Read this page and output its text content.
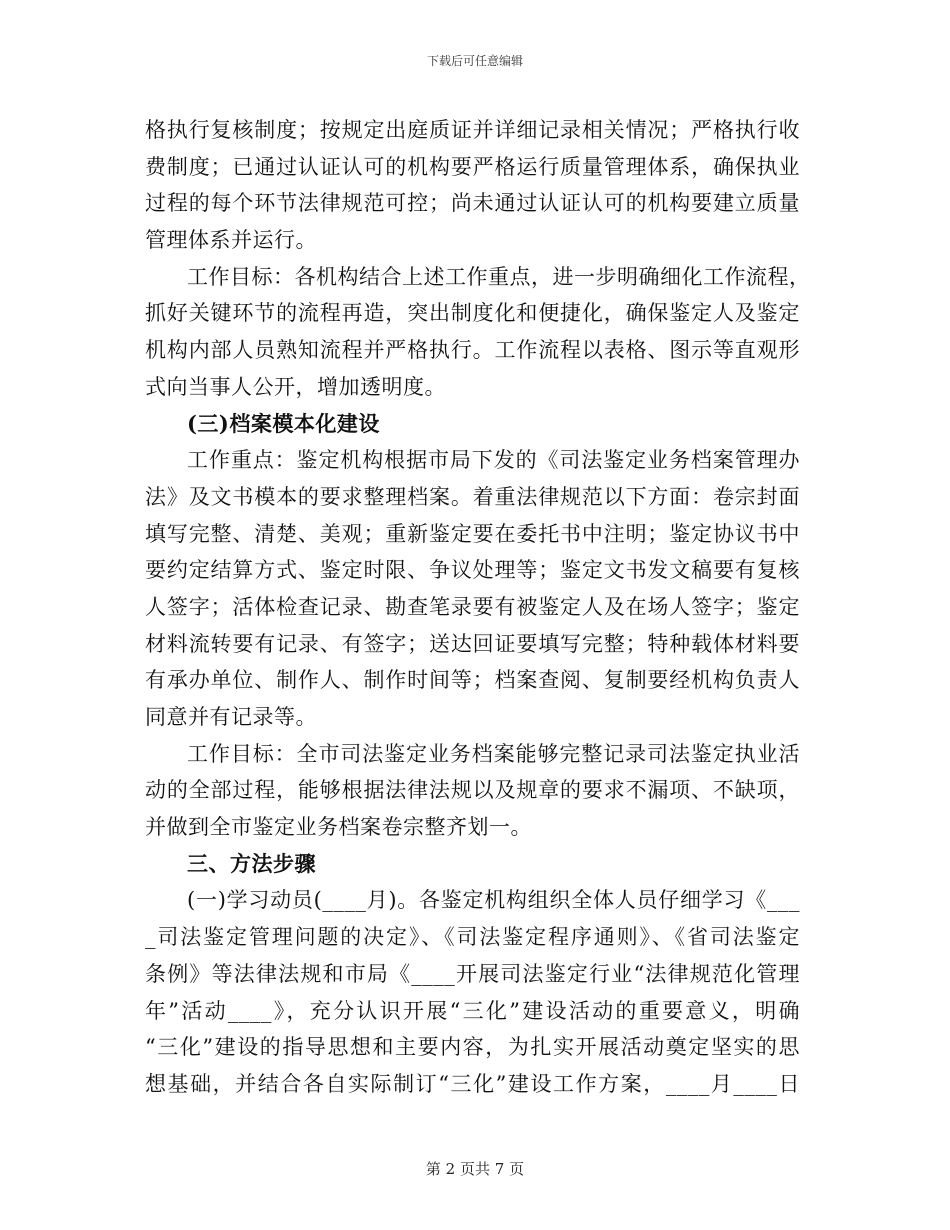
下载后可任意编辑
格执行复核制度；按规定出庭质证并详细记录相关情况；严格执行收
费制度；已通过认证认可的机构要严格运行质量管理体系，确保执业
过程的每个环节法律规范可控；尚未通过认证认可的机构要建立质量
管理体系并运行。
工作目标：各机构结合上述工作重点，进一步明确细化工作流程，
抓好关键环节的流程再造，突出制度化和便捷化，确保鉴定人及鉴定
机构内部人员熟知流程并严格执行。工作流程以表格、图示等直观形
式向当事人公开，增加透明度。
(三)档案模本化建设
工作重点：鉴定机构根据市局下发的《司法鉴定业务档案管理办
法》及文书模本的要求整理档案。着重法律规范以下方面：卷宗封面
填写完整、清楚、美观；重新鉴定要在委托书中注明；鉴定协议书中
要约定结算方式、鉴定时限、争议处理等；鉴定文书发文稿要有复核
人签字；活体检查记录、勘查笔录要有被鉴定人及在场人签字；鉴定
材料流转要有记录、有签字；送达回证要填写完整；特种载体材料要
有承办单位、制作人、制作时间等；档案查阅、复制要经机构负责人
同意并有记录等。
工作目标：全市司法鉴定业务档案能够完整记录司法鉴定执业活
动的全部过程，能够根据法律法规以及规章的要求不漏项、不缺项，
并做到全市鉴定业务档案卷宗整齐划一。
三、方法步骤
(一)学习动员(____月)。各鉴定机构组织全体人员仔细学习《___
_司法鉴定管理问题的决定》、《司法鉴定程序通则》、《省司法鉴定
条例》等法律法规和市局《____开展司法鉴定行业“法律规范化管理
年”活动____》，充分认识开展“三化”建设活动的重要意义，明确
“三化”建设的指导思想和主要内容，为扎实开展活动奠定坚实的思
想基础，并结合各自实际制订“三化”建设工作方案，____月____日
第 2 页共 7 页
